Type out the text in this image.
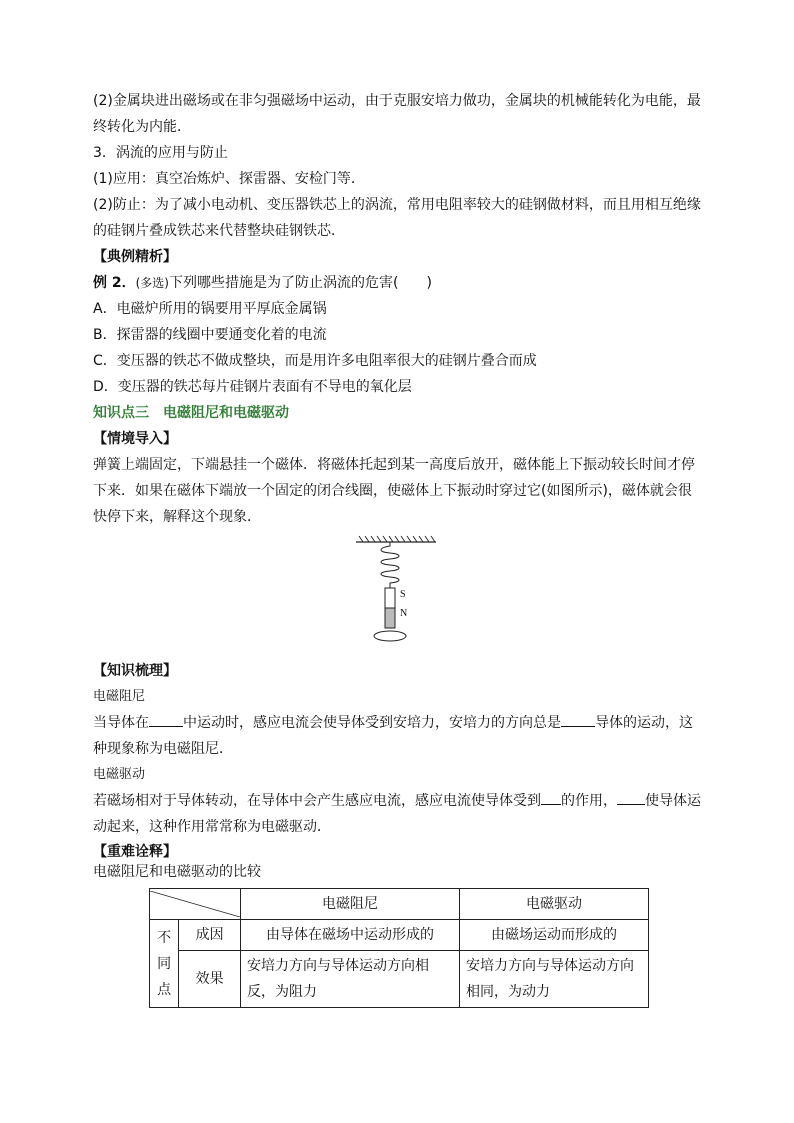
(2)金属块进出磁场或在非匀强磁场中运动，由于克服安培力做功，金属块的机械能转化为电能，最终转化为内能．

3．涡流的应用与防止

(1)应用：真空冶炼炉、探雷器、安检门等．

(2)防止：为了减小电动机、变压器铁芯上的涡流，常用电阻率较大的硅钢做材料，而且用相互绝缘的硅钢片叠成铁芯来代替整块硅钢铁芯．

【典例精析】

例 2．(多选)下列哪些措施是为了防止涡流的危害(　　)

A．电磁炉所用的锅要用平厚底金属锅

B．探雷器的线圈中要通变化着的电流

C．变压器的铁芯不做成整块，而是用许多电阻率很大的硅钢片叠合而成

D．变压器的铁芯每片硅钢片表面有不导电的氧化层

知识点三　电磁阻尼和电磁驱动

【情境导入】

弹簧上端固定，下端悬挂一个磁体．将磁体托起到某一高度后放开，磁体能上下振动较长时间才停下来．如果在磁体下端放一个固定的闭合线圈，使磁体上下振动时穿过它(如图所示)，磁体就会很快停下来，解释这个现象．

S
N

【知识梳理】

电磁阻尼

当导体在 中运动时，感应电流会使导体受到安培力，安培力的方向总是 导体的运动，这种现象称为电磁阻尼．

电磁驱动

若磁场相对于导体转动，在导体中会产生感应电流，感应电流使导体受到 的作用， 使导体运动起来，这种作用常常称为电磁驱动．

【重难诠释】

电磁阻尼和电磁驱动的比较

	电磁阻尼	电磁驱动

不
同
点	成因	由导体在磁场中运动形成的	由磁场运动而形成的
	效果	安培力方向与导体运动方向相反，为阻力	安培力方向与导体运动方向相同，为动力
